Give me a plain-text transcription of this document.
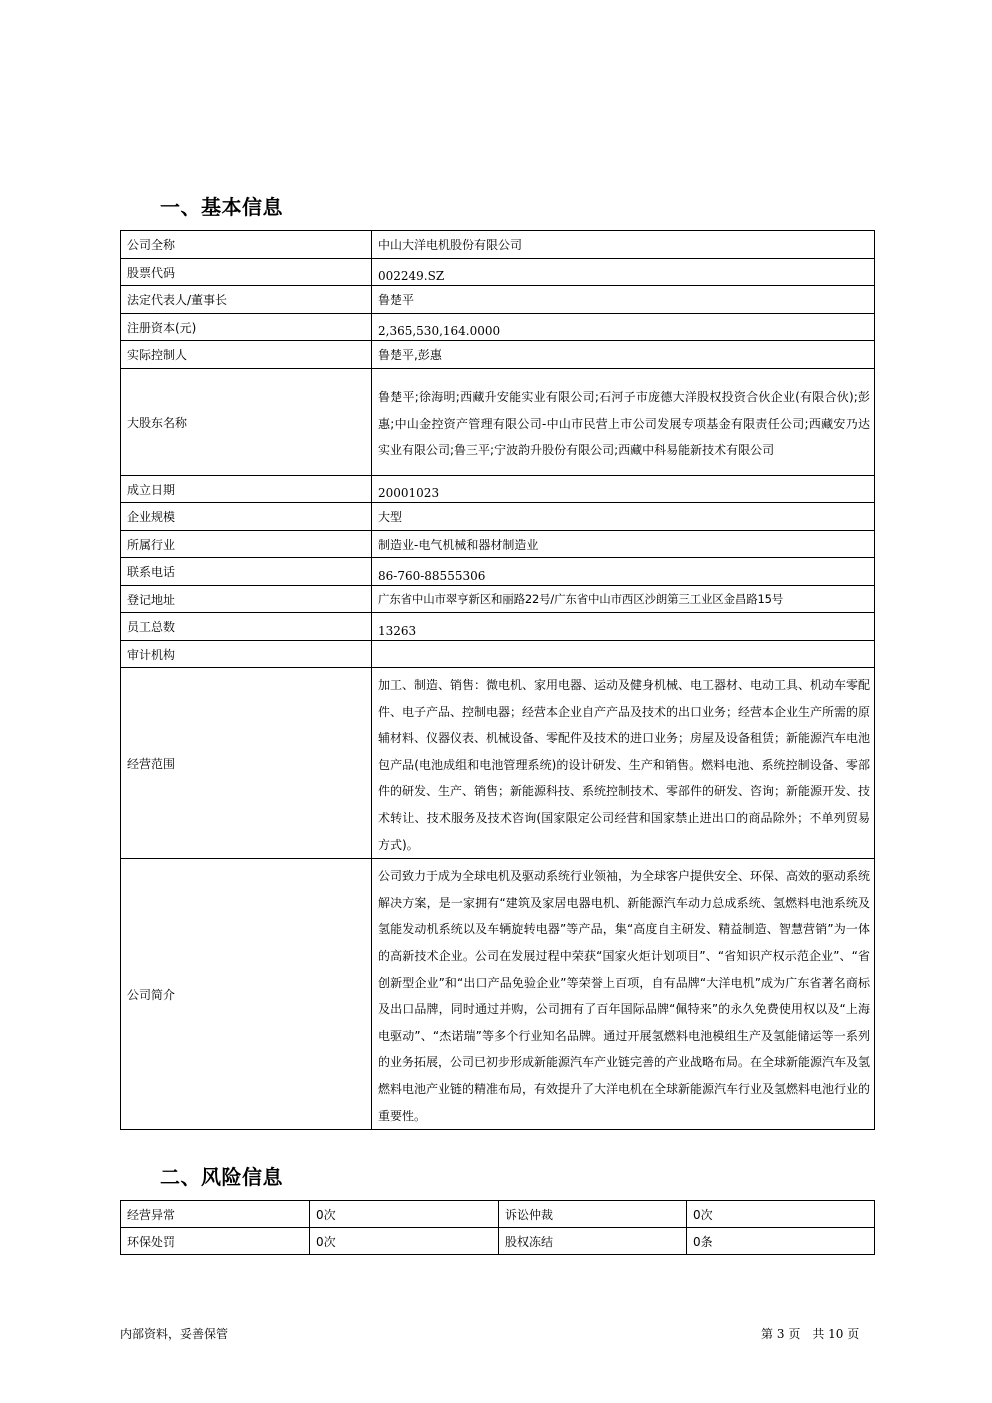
一、基本信息
公司全称	中山大洋电机股份有限公司
股票代码	002249.SZ
法定代表人/董事长	鲁楚平
注册资本(元)	2,365,530,164.0000
实际控制人	鲁楚平,彭惠
大股东名称	鲁楚平;徐海明;西藏升安能实业有限公司;石河子市庞德大洋股权投资合伙企业(有限合伙);彭惠;中山金控资产管理有限公司-中山市民营上市公司发展专项基金有限责任公司;西藏安乃达实业有限公司;鲁三平;宁波韵升股份有限公司;西藏中科易能新技术有限公司
成立日期	20001023
企业规模	大型
所属行业	制造业-电气机械和器材制造业
联系电话	86-760-88555306
登记地址	广东省中山市翠亨新区和丽路22号/广东省中山市西区沙朗第三工业区金昌路15号
员工总数	13263
审计机构	
经营范围	加工、制造、销售：微电机、家用电器、运动及健身机械、电工器材、电动工具、机动车零配件、电子产品、控制电器；经营本企业自产产品及技术的出口业务；经营本企业生产所需的原辅材料、仪器仪表、机械设备、零配件及技术的进口业务；房屋及设备租赁；新能源汽车电池包产品(电池成组和电池管理系统)的设计研发、生产和销售。燃料电池、系统控制设备、零部件的研发、生产、销售；新能源科技、系统控制技术、零部件的研发、咨询；新能源开发、技术转让、技术服务及技术咨询(国家限定公司经营和国家禁止进出口的商品除外；不单列贸易方式)。
公司简介	公司致力于成为全球电机及驱动系统行业领袖，为全球客户提供安全、环保、高效的驱动系统解决方案，是一家拥有“建筑及家居电器电机、新能源汽车动力总成系统、氢燃料电池系统及氢能发动机系统以及车辆旋转电器”等产品，集“高度自主研发、精益制造、智慧营销”为一体的高新技术企业。公司在发展过程中荣获“国家火炬计划项目”、“省知识产权示范企业”、“省创新型企业”和“出口产品免验企业”等荣誉上百项，自有品牌“大洋电机”成为广东省著名商标及出口品牌，同时通过并购，公司拥有了百年国际品牌“佩特来”的永久免费使用权以及“上海电驱动”、“杰诺瑞”等多个行业知名品牌。通过开展氢燃料电池模组生产及氢能储运等一系列的业务拓展，公司已初步形成新能源汽车产业链完善的产业战略布局。在全球新能源汽车及氢燃料电池产业链的精准布局，有效提升了大洋电机在全球新能源汽车行业及氢燃料电池行业的重要性。
二、风险信息
经营异常	0次	诉讼仲裁	0次
环保处罚	0次	股权冻结	0条
内部资料，妥善保管	第 3 页　共 10 页
